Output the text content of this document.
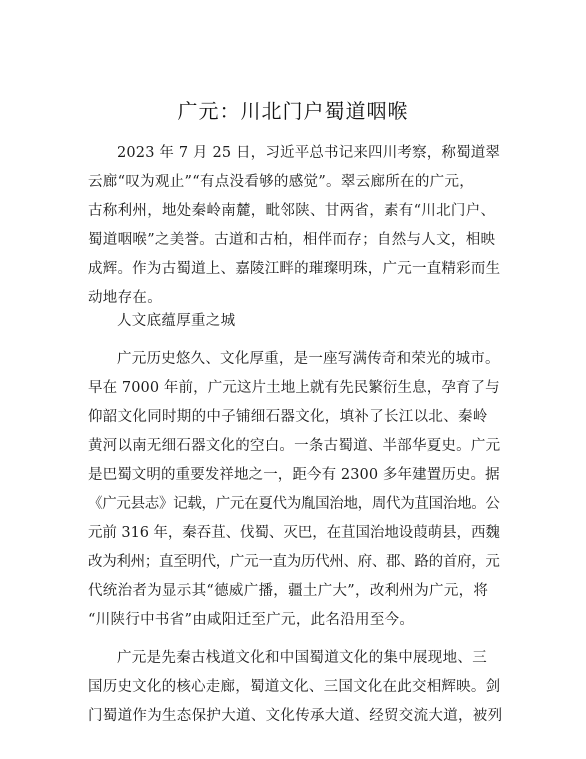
广元：川北门户蜀道咽喉
2023 年 7 月 25 日，习近平总书记来四川考察，称蜀道翠
云廊“叹为观止”“有点没看够的感觉”。翠云廊所在的广元，
古称利州，地处秦岭南麓，毗邻陕、甘两省，素有“川北门户、
蜀道咽喉”之美誉。古道和古柏，相伴而存；自然与人文，相映
成辉。作为古蜀道上、嘉陵江畔的璀璨明珠，广元一直精彩而生
动地存在。
人文底蕴厚重之城
广元历史悠久、文化厚重，是一座写满传奇和荣光的城市。
早在 7000 年前，广元这片土地上就有先民繁衍生息，孕育了与
仰韶文化同时期的中子铺细石器文化，填补了长江以北、秦岭
黄河以南无细石器文化的空白。一条古蜀道、半部华夏史。广元
是巴蜀文明的重要发祥地之一，距今有 2300 多年建置历史。据
《广元县志》记载，广元在夏代为胤国治地，周代为苴国治地。公
元前 316 年，秦吞苴、伐蜀、灭巴，在苴国治地设葭萌县，西魏
改为利州；直至明代，广元一直为历代州、府、郡、路的首府，元
代统治者为显示其“德威广播，疆土广大”，改利州为广元，将
“川陕行中书省”由咸阳迁至广元，此名沿用至今。
广元是先秦古栈道文化和中国蜀道文化的集中展现地、三
国历史文化的核心走廊，蜀道文化、三国文化在此交相辉映。剑
门蜀道作为生态保护大道、文化传承大道、经贸交流大道，被列
